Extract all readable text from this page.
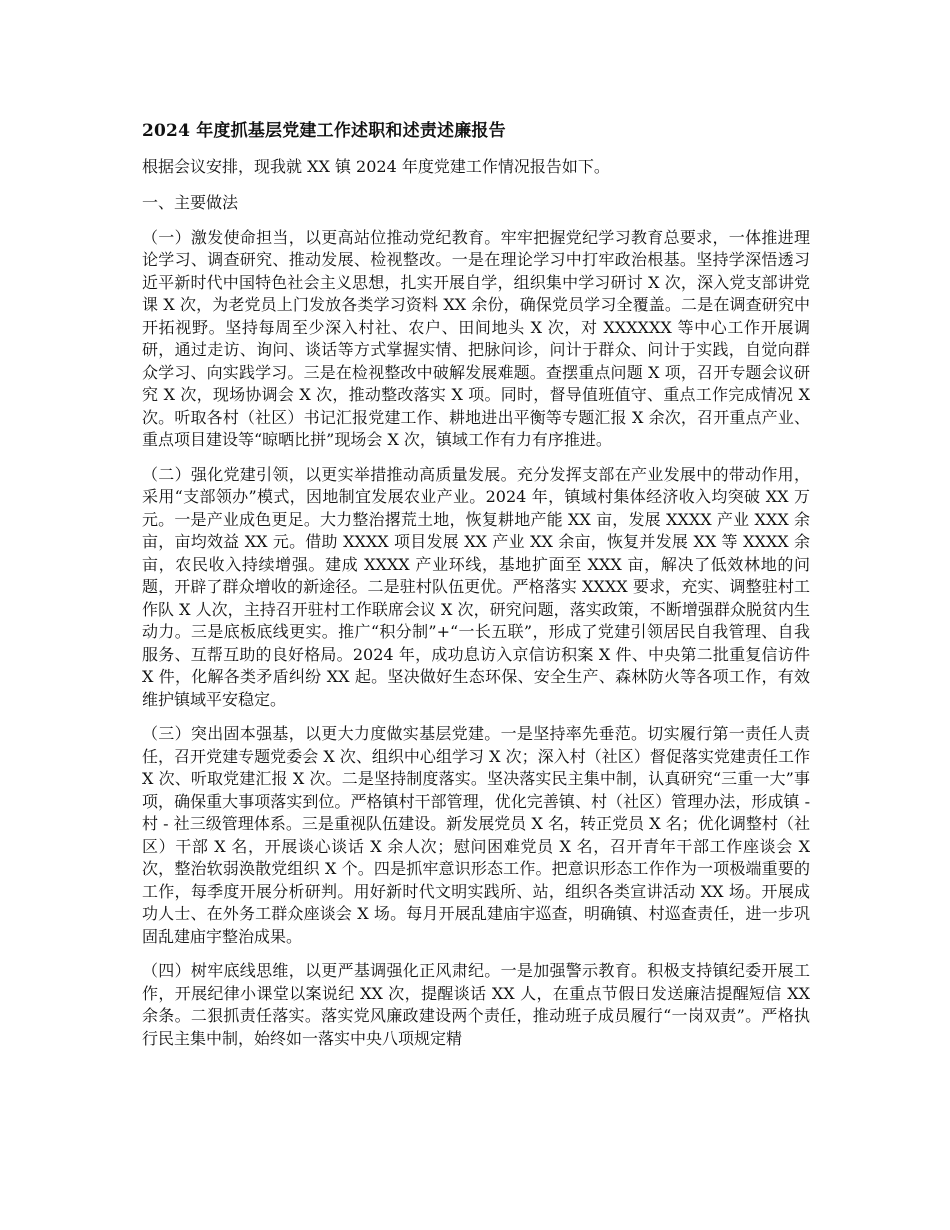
2024 年度抓基层党建工作述职和述责述廉报告
根据会议安排，现我就 XX 镇 2024 年度党建工作情况报告如下。
一、主要做法
（一）激发使命担当，以更高站位推动党纪教育。牢牢把握党纪学习教育总要求，一体推进理论学习、调查研究、推动发展、检视整改。一是在理论学习中打牢政治根基。坚持学深悟透习近平新时代中国特色社会主义思想，扎实开展自学，组织集中学习研讨 X 次，深入党支部讲党课 X 次，为老党员上门发放各类学习资料 XX 余份，确保党员学习全覆盖。二是在调查研究中开拓视野。坚持每周至少深入村社、农户、田间地头 X 次，对 XXXXXX 等中心工作开展调研，通过走访、询问、谈话等方式掌握实情、把脉问诊，问计于群众、问计于实践，自觉向群众学习、向实践学习。三是在检视整改中破解发展难题。查摆重点问题 X 项，召开专题会议研究 X 次，现场协调会 X 次，推动整改落实 X 项。同时，督导值班值守、重点工作完成情况 X 次。听取各村（社区）书记汇报党建工作、耕地进出平衡等专题汇报 X 余次，召开重点产业、重点项目建设等“晾晒比拼”现场会 X 次，镇域工作有力有序推进。
（二）强化党建引领，以更实举措推动高质量发展。充分发挥支部在产业发展中的带动作用，采用“支部领办”模式，因地制宜发展农业产业。2024 年，镇域村集体经济收入均突破 XX 万元。一是产业成色更足。大力整治撂荒土地，恢复耕地产能 XX 亩，发展 XXXX 产业 XXX 余亩，亩均效益 XX 元。借助 XXXX 项目发展 XX 产业 XX 余亩，恢复并发展 XX 等 XXXX 余亩，农民收入持续增强。建成 XXXX 产业环线，基地扩面至 XXX 亩，解决了低效林地的问题，开辟了群众增收的新途径。二是驻村队伍更优。严格落实 XXXX 要求，充实、调整驻村工作队 X 人次，主持召开驻村工作联席会议 X 次，研究问题，落实政策，不断增强群众脱贫内生动力。三是底板底线更实。推广“积分制”+“一长五联”，形成了党建引领居民自我管理、自我服务、互帮互助的良好格局。2024 年，成功息访入京信访积案 X 件、中央第二批重复信访件 X 件，化解各类矛盾纠纷 XX 起。坚决做好生态环保、安全生产、森林防火等各项工作，有效维护镇域平安稳定。
（三）突出固本强基，以更大力度做实基层党建。一是坚持率先垂范。切实履行第一责任人责任，召开党建专题党委会 X 次、组织中心组学习 X 次；深入村（社区）督促落实党建责任工作 X 次、听取党建汇报 X 次。二是坚持制度落实。坚决落实民主集中制，认真研究“三重一大”事项，确保重大事项落实到位。严格镇村干部管理，优化完善镇、村（社区）管理办法，形成镇 - 村 - 社三级管理体系。三是重视队伍建设。新发展党员 X 名，转正党员 X 名；优化调整村（社区）干部 X 名，开展谈心谈话 X 余人次；慰问困难党员 X 名，召开青年干部工作座谈会 X 次，整治软弱涣散党组织 X 个。四是抓牢意识形态工作。把意识形态工作作为一项极端重要的工作，每季度开展分析研判。用好新时代文明实践所、站，组织各类宣讲活动 XX 场。开展成功人士、在外务工群众座谈会 X 场。每月开展乱建庙宇巡查，明确镇、村巡查责任，进一步巩固乱建庙宇整治成果。
（四）树牢底线思维，以更严基调强化正风肃纪。一是加强警示教育。积极支持镇纪委开展工作，开展纪律小课堂以案说纪 XX 次，提醒谈话 XX 人，在重点节假日发送廉洁提醒短信 XX 余条。二狠抓责任落实。落实党风廉政建设两个责任，推动班子成员履行“一岗双责”。严格执行民主集中制，始终如一落实中央八项规定精
